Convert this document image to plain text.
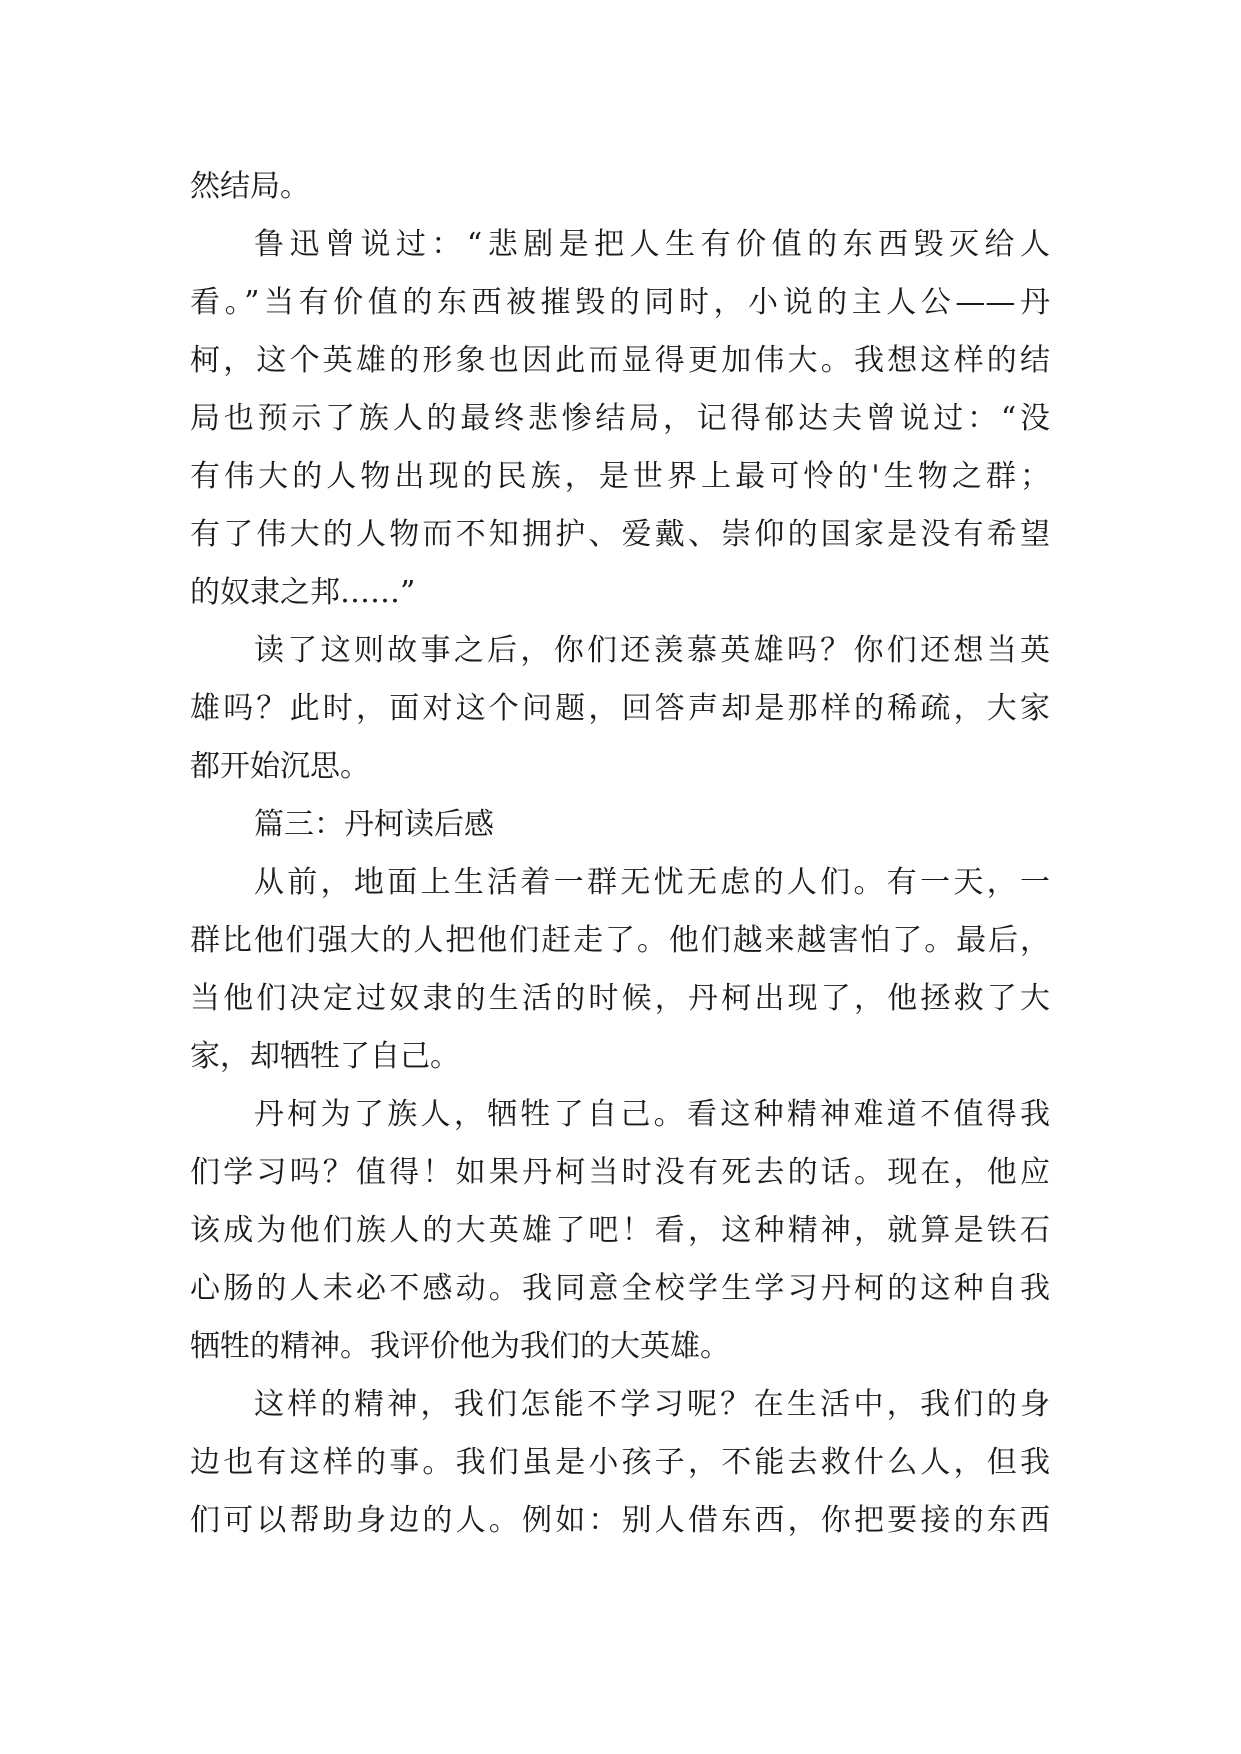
然结局。
鲁迅曾说过：“悲剧是把人生有价值的东西毁灭给人
看。”当有价值的东西被摧毁的同时，小说的主人公——丹
柯，这个英雄的形象也因此而显得更加伟大。我想这样的结
局也预示了族人的最终悲惨结局，记得郁达夫曾说过：“没
有伟大的人物出现的民族，是世界上最可怜的'生物之群；
有了伟大的人物而不知拥护、爱戴、崇仰的国家是没有希望
的奴隶之邦……”
读了这则故事之后，你们还羡慕英雄吗？你们还想当英
雄吗？此时，面对这个问题，回答声却是那样的稀疏，大家
都开始沉思。
篇三：丹柯读后感
从前，地面上生活着一群无忧无虑的人们。有一天，一
群比他们强大的人把他们赶走了。他们越来越害怕了。最后，
当他们决定过奴隶的生活的时候，丹柯出现了，他拯救了大
家，却牺牲了自己。
丹柯为了族人，牺牲了自己。看这种精神难道不值得我
们学习吗？值得！如果丹柯当时没有死去的话。现在，他应
该成为他们族人的大英雄了吧！看，这种精神，就算是铁石
心肠的人未必不感动。我同意全校学生学习丹柯的这种自我
牺牲的精神。我评价他为我们的大英雄。
这样的精神，我们怎能不学习呢？在生活中，我们的身
边也有这样的事。我们虽是小孩子，不能去救什么人，但我
们可以帮助身边的人。例如：别人借东西，你把要接的东西
